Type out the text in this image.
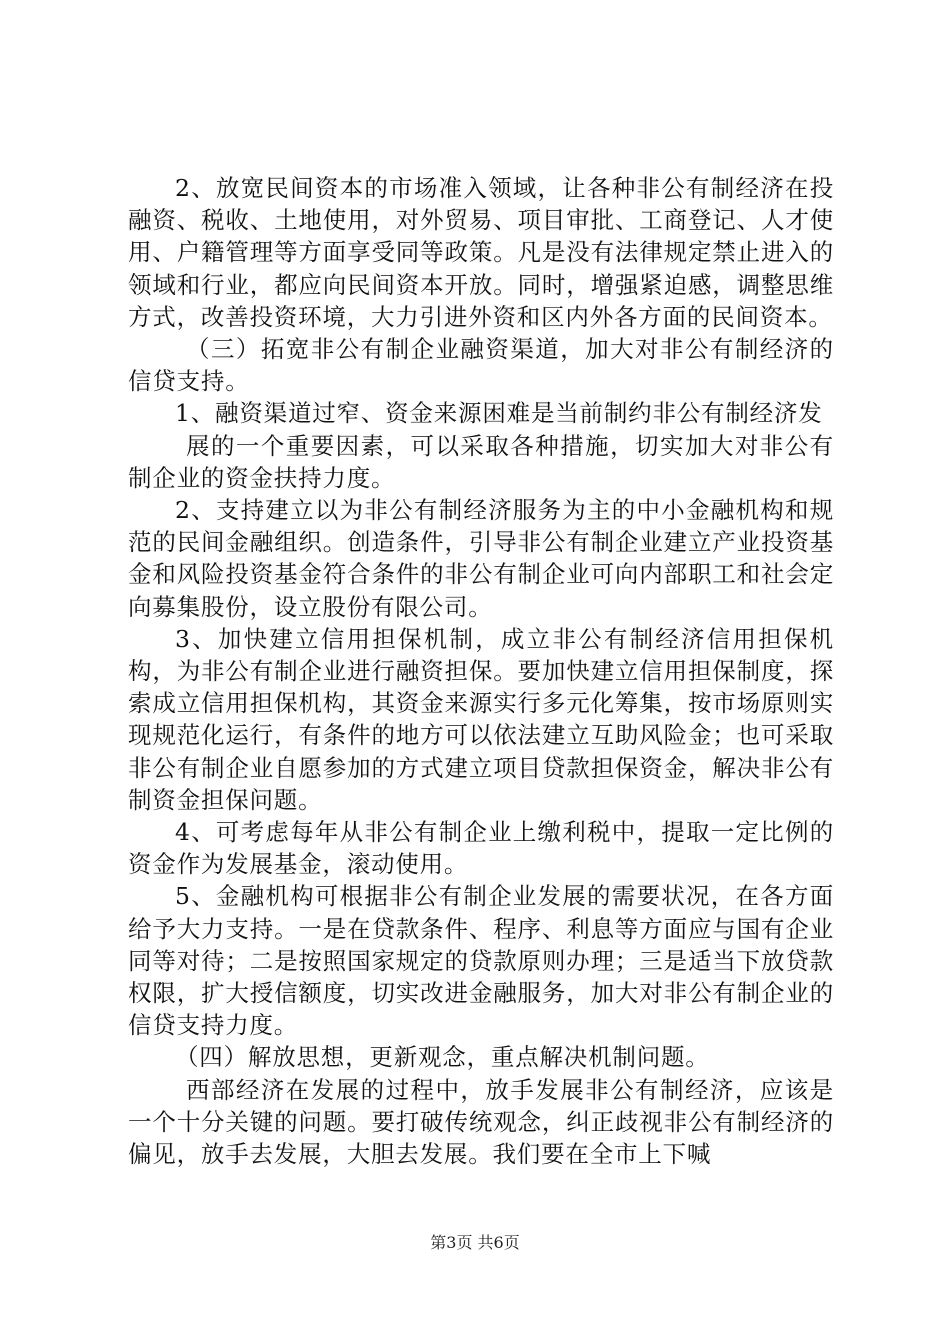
2、放宽民间资本的市场准入领域，让各种非公有制经济在投融资、税收、土地使用，对外贸易、项目审批、工商登记、人才使用、户籍管理等方面享受同等政策。凡是没有法律规定禁止进入的领域和行业，都应向民间资本开放。同时，增强紧迫感，调整思维方式，改善投资环境，大力引进外资和区内外各方面的民间资本。

（三）拓宽非公有制企业融资渠道，加大对非公有制经济的信贷支持。

1、融资渠道过窄、资金来源困难是当前制约非公有制经济发

展的一个重要因素，可以采取各种措施，切实加大对非公有制企业的资金扶持力度。

2、支持建立以为非公有制经济服务为主的中小金融机构和规范的民间金融组织。创造条件，引导非公有制企业建立产业投资基金和风险投资基金符合条件的非公有制企业可向内部职工和社会定向募集股份，设立股份有限公司。

3、加快建立信用担保机制，成立非公有制经济信用担保机构，为非公有制企业进行融资担保。要加快建立信用担保制度，探索成立信用担保机构，其资金来源实行多元化筹集，按市场原则实现规范化运行，有条件的地方可以依法建立互助风险金；也可采取非公有制企业自愿参加的方式建立项目贷款担保资金，解决非公有制资金担保问题。

4、可考虑每年从非公有制企业上缴利税中，提取一定比例的资金作为发展基金，滚动使用。

5、金融机构可根据非公有制企业发展的需要状况，在各方面给予大力支持。一是在贷款条件、程序、利息等方面应与国有企业同等对待；二是按照国家规定的贷款原则办理；三是适当下放贷款权限，扩大授信额度，切实改进金融服务，加大对非公有制企业的信贷支持力度。

（四）解放思想，更新观念，重点解决机制问题。

西部经济在发展的过程中，放手发展非公有制经济，应该是一个十分关键的问题。要打破传统观念，纠正歧视非公有制经济的偏见，放手去发展，大胆去发展。我们要在全市上下喊

第3页 共6页
